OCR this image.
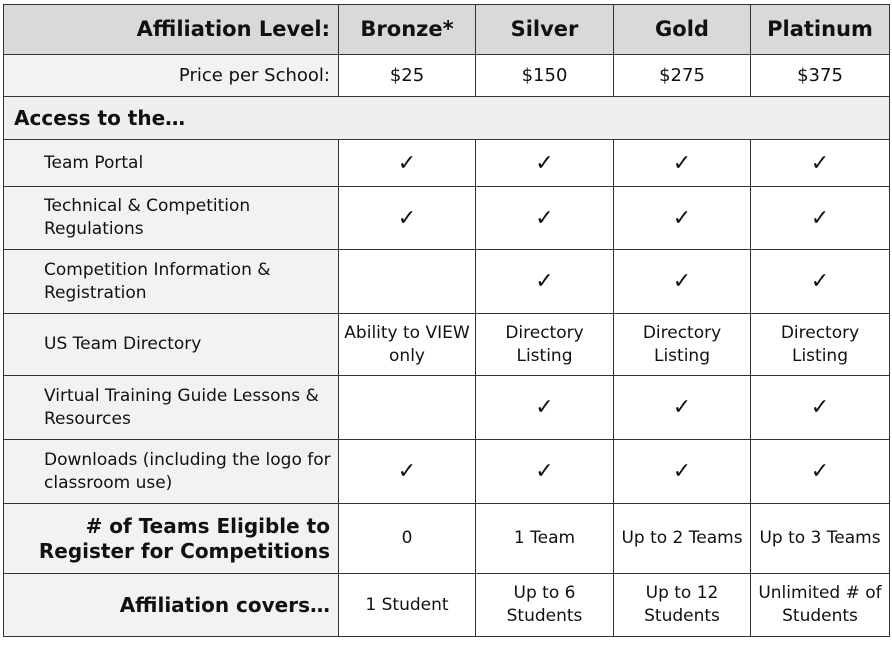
Affiliation Level:	Bronze*	Silver	Gold	Platinum
Price per School:	$25	$150	$275	$375
Access to the…				
Team Portal	✓	✓	✓	✓
Technical & Competition Regulations	✓	✓	✓	✓
Competition Information & Registration		✓	✓	✓
US Team Directory	Ability to VIEW only	Directory Listing	Directory Listing	Directory Listing
Virtual Training Guide Lessons & Resources		✓	✓	✓
Downloads (including the logo for classroom use)	✓	✓	✓	✓
# of Teams Eligible to Register for Competitions	0	1 Team	Up to 2 Teams	Up to 3 Teams
Affiliation covers…	1 Student	Up to 6 Students	Up to 12 Students	Unlimited # of Students
